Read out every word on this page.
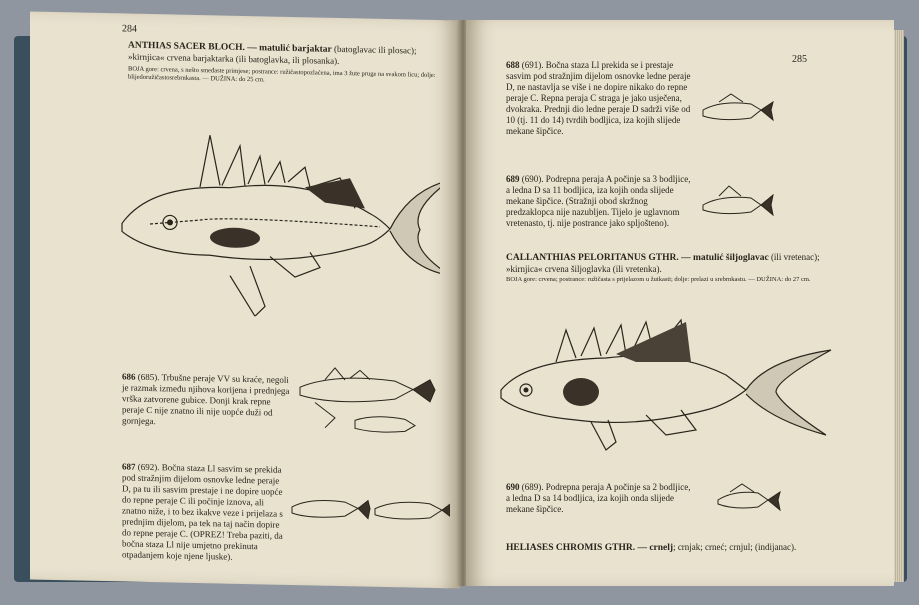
284
ANTHIAS SACER BLOCH. — matulić barjaktar (batoglavac ili plosac); »kirnjica« crvena barjaktarka (ili batoglavka, ili plosanka).
BOJA gore: crvena, s nešto smeđaste primjese; postrance: ružičastopozlaćena, ima 3 žute pruge na svakom licu; dolje: blijedoružičastosrebrnkasta. — DUŽINA: do 25 cm.
686 (685). Trbušne peraje VV su kraće, negoli je razmak između njihova korijena i prednjega vrška zatvorene gubice. Donji krak repne peraje C nije znatno ili nije uopće duži od gornjega.
687 (692). Bočna staza Ll sasvim se prekida pod stražnjim dijelom osnovke ledne peraje D, pa tu ili sasvim prestaje i ne dopire uopće do repne peraje C ili počinje iznova, ali znatno niže, i to bez ikakve veze i prijelaza s prednjim dijelom, pa tek na taj način dopire do repne peraje C. (OPREZ! Treba paziti, da bočna staza Ll nije umjetno prekinuta otpadanjem koje njene ljuske).
285
688 (691). Bočna staza Ll prekida se i prestaje sasvim pod stražnjim dijelom osnovke ledne peraje D, ne nastavlja se više i ne dopire nikako do repne peraje C. Repna peraja C straga je jako usječena, dvokraka. Prednji dio ledne peraje D sadrži više od 10 (tj. 11 do 14) tvrdih bodljica, iza kojih slijede mekane šipčice.
689 (690). Podrepna peraja A počinje sa 3 bodljice, a ledna D sa 11 bodljica, iza kojih onda slijede mekane šipčice. (Stražnji obod skržnog predzaklopca nije nazubljen. Tijelo je uglavnom vretenasto, tj. nije postrance jako spljošteno).
CALLANTHIAS PELORITANUS GTHR. — matulić šiljoglavac (ili vretenac); »kirnjica« crvena šiljoglavka (ili vretenka).
BOJA gore: crvena; postrance: ružičasta s prijelazom u žutkasti; dolje: prelazi u srebrnkastu. — DUŽINA: do 27 cm.
690 (689). Podrepna peraja A počinje sa 2 bodljice, a ledna D sa 14 bodljica, iza kojih onda slijede mekane šipčice.
HELIASES CHROMIS GTHR. — crnelj; crnjak; crneć; crnjul; (indijanac).
